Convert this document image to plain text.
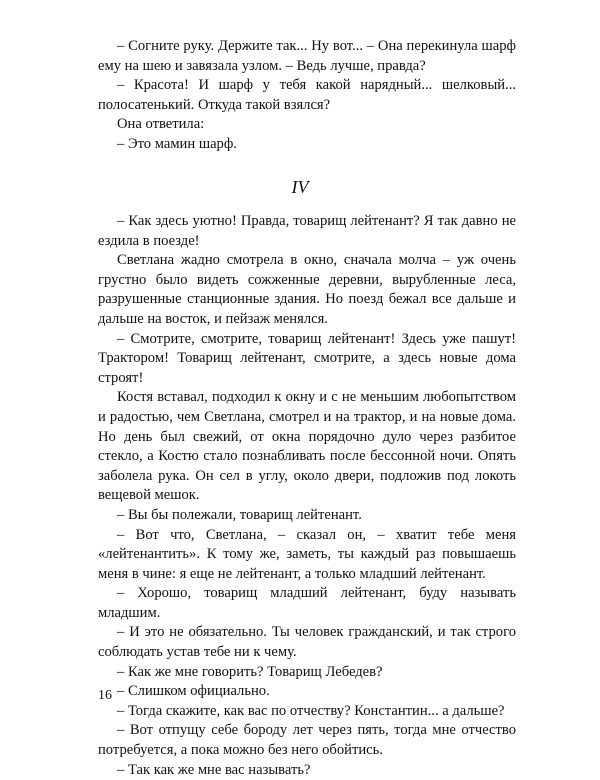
– Согните руку. Держите так... Ну вот... – Она перекинула шарф ему на шею и завязала узлом. – Ведь лучше, правда?

– Красота! И шарф у тебя какой нарядный... шелковый... полосатенький. Откуда такой взялся?

Она ответила:

– Это мамин шарф.

IV

– Как здесь уютно! Правда, товарищ лейтенант? Я так давно не ездила в поезде!

Светлана жадно смотрела в окно, сначала молча – уж очень грустно было видеть сожженные деревни, вырубленные леса, разрушенные станционные здания. Но поезд бежал все дальше и дальше на восток, и пейзаж менялся.

– Смотрите, смотрите, товарищ лейтенант! Здесь уже пашут! Трактором! Товарищ лейтенант, смотрите, а здесь новые дома строят!

Костя вставал, подходил к окну и с не меньшим любопытством и радостью, чем Светлана, смотрел и на трактор, и на новые дома. Но день был свежий, от окна порядочно дуло через разбитое стекло, а Костю стало познабливать после бессонной ночи. Опять заболела рука. Он сел в углу, около двери, подложив под локоть вещевой мешок.

– Вы бы полежали, товарищ лейтенант.

– Вот что, Светлана, – сказал он, – хватит тебе меня «лейтенантить». К тому же, заметь, ты каждый раз повышаешь меня в чине: я еще не лейтенант, а только младший лейтенант.

– Хорошо, товарищ младший лейтенант, буду называть младшим.

– И это не обязательно. Ты человек гражданский, и так строго соблюдать устав тебе ни к чему.

– Как же мне говорить? Товарищ Лебедев?

– Слишком официально.

– Тогда скажите, как вас по отчеству? Константин... а дальше?

– Вот отпущу себе бороду лет через пять, тогда мне отчество потребуется, а пока можно без него обойтись.

– Так как же мне вас называть?

16
